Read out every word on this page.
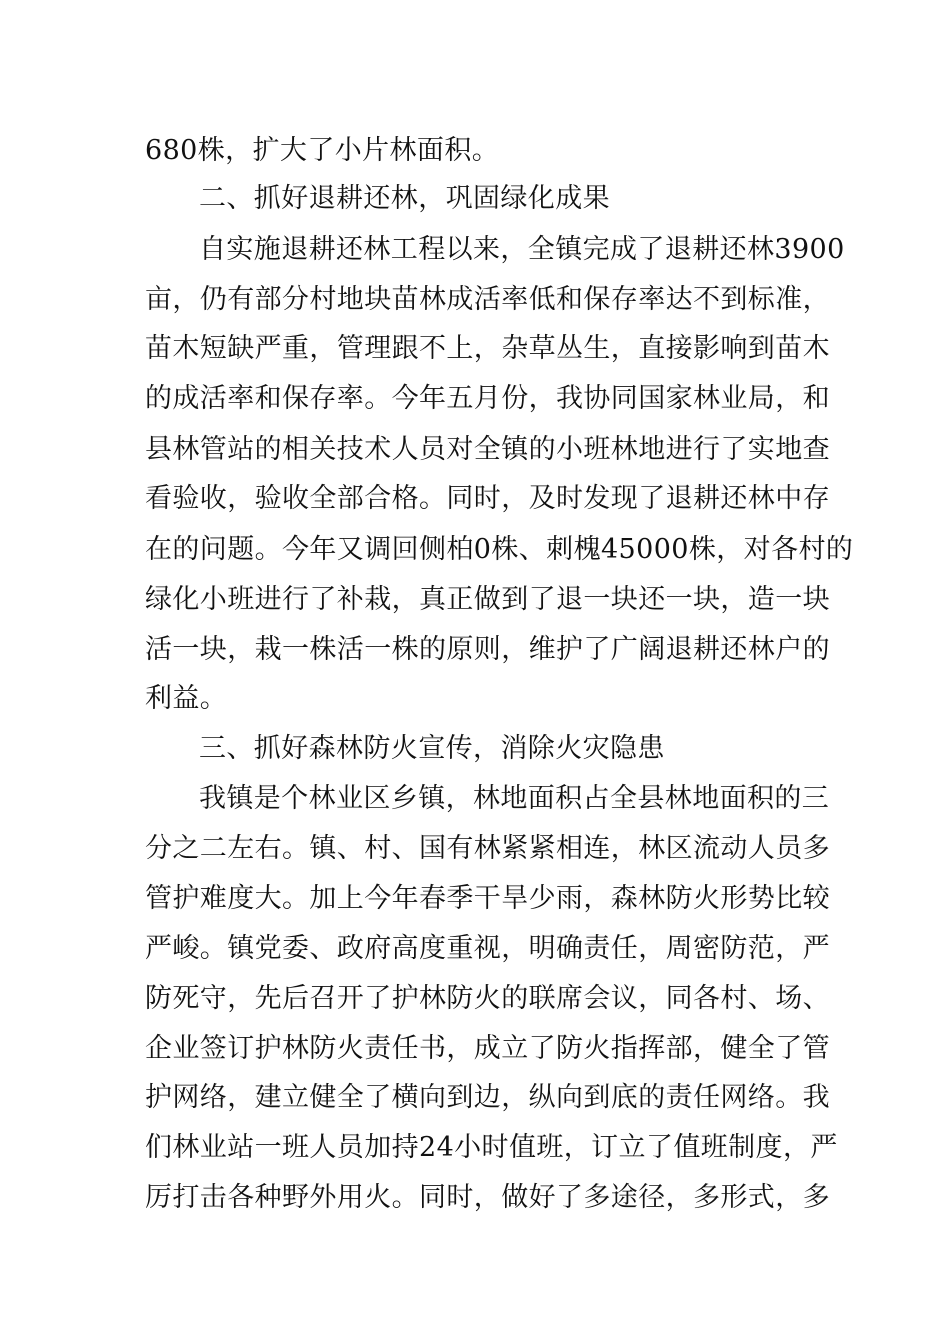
680株，扩大了小片林面积。
二、抓好退耕还林，巩固绿化成果
自实施退耕还林工程以来，全镇完成了退耕还林3900
亩，仍有部分村地块苗林成活率低和保存率达不到标准，
苗木短缺严重，管理跟不上，杂草丛生，直接影响到苗木
的成活率和保存率。今年五月份，我协同国家林业局，和
县林管站的相关技术人员对全镇的小班林地进行了实地查
看验收，验收全部合格。同时，及时发现了退耕还林中存
在的问题。今年又调回侧柏0株、刺槐45000株，对各村的
绿化小班进行了补栽，真正做到了退一块还一块，造一块
活一块，栽一株活一株的原则，维护了广阔退耕还林户的
利益。
三、抓好森林防火宣传，消除火灾隐患
我镇是个林业区乡镇，林地面积占全县林地面积的三
分之二左右。镇、村、国有林紧紧相连，林区流动人员多
管护难度大。加上今年春季干旱少雨，森林防火形势比较
严峻。镇党委、政府高度重视，明确责任，周密防范，严
防死守，先后召开了护林防火的联席会议，同各村、场、
企业签订护林防火责任书，成立了防火指挥部，健全了管
护网络，建立健全了横向到边，纵向到底的责任网络。我
们林业站一班人员加持24小时值班，订立了值班制度，严
厉打击各种野外用火。同时，做好了多途径，多形式，多
